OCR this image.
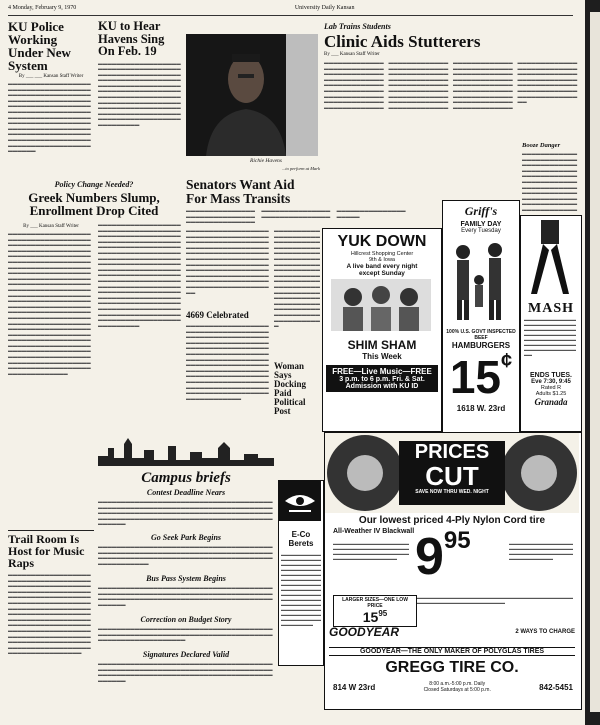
4 Monday, February 9, 1970	University Daily Kansan
KU Police Working Under New System
By ___ ___ Kansan Staff Writer
▬▬▬▬▬▬▬▬▬▬▬▬▬▬▬▬▬▬▬▬▬▬▬▬▬▬▬▬▬▬▬▬▬▬▬▬▬▬▬▬▬▬▬▬▬▬▬▬▬▬▬▬▬▬▬▬▬▬▬▬▬▬▬▬▬▬▬▬▬▬▬▬▬▬▬▬▬▬▬▬▬▬▬▬▬▬▬▬▬▬▬▬▬▬▬▬▬▬▬▬▬▬▬▬▬▬▬▬▬▬▬▬▬▬▬▬▬▬▬▬▬▬▬▬▬▬▬▬▬▬▬▬▬▬▬▬▬▬▬▬▬▬▬▬▬▬▬▬▬▬▬▬▬▬▬▬▬▬▬▬▬▬▬▬▬▬▬▬▬▬▬▬▬▬▬▬▬▬▬▬▬▬▬▬▬▬▬▬▬▬▬▬▬▬▬▬▬▬▬▬▬▬▬▬▬▬▬▬▬▬▬▬▬▬▬▬▬▬▬▬▬▬
Policy Change Needed?
Greek Numbers Slump, Enrollment Drop Cited
By ___ Kansan Staff Writer
▬▬▬▬▬▬▬▬▬▬▬▬▬▬▬▬▬▬▬▬▬▬▬▬▬▬▬▬▬▬▬▬▬▬▬▬▬▬▬▬▬▬▬▬▬▬▬▬▬▬▬▬▬▬▬▬▬▬▬▬▬▬▬▬▬▬▬▬▬▬▬▬▬▬▬▬▬▬▬▬▬▬▬▬▬▬▬▬▬▬▬▬▬▬▬▬▬▬▬▬▬▬▬▬▬▬▬▬▬▬▬▬▬▬▬▬▬▬▬▬▬▬▬▬▬▬▬▬▬▬▬▬▬▬▬▬▬▬▬▬▬▬▬▬▬▬▬▬▬▬▬▬▬▬▬▬▬▬▬▬▬▬▬▬▬▬▬▬▬▬▬▬▬▬▬▬▬▬▬▬▬▬▬▬▬▬▬▬▬▬▬▬▬▬▬▬▬▬▬▬▬▬▬▬▬▬▬▬▬▬▬▬▬▬▬▬▬▬▬▬▬▬▬▬▬▬▬▬▬▬▬▬▬▬▬▬▬▬▬▬▬▬▬▬▬▬▬▬▬▬▬▬▬▬▬▬▬▬▬▬▬▬▬▬▬▬▬▬▬▬▬▬▬▬▬▬▬▬▬▬▬▬▬▬▬▬▬▬▬▬▬▬▬▬▬▬▬▬▬▬▬▬▬▬▬▬▬▬▬▬▬▬▬▬▬▬▬▬▬▬▬▬▬▬▬▬▬▬▬▬▬▬▬▬▬▬▬▬▬▬▬▬▬▬▬▬▬▬▬▬▬▬▬▬▬▬▬▬▬▬▬▬▬▬▬▬▬▬▬▬▬▬▬▬▬▬▬▬▬▬▬▬▬▬▬▬▬▬▬▬▬▬▬▬▬▬▬▬▬▬▬▬▬▬▬▬▬▬▬▬▬▬▬▬▬▬▬▬▬▬▬▬▬▬▬▬▬▬▬▬▬▬▬▬▬▬▬▬▬▬▬▬▬▬▬▬▬▬▬▬▬▬▬▬▬▬▬▬▬▬▬▬▬
Trail Room Is Host for Music Raps
▬▬▬▬▬▬▬▬▬▬▬▬▬▬▬▬▬▬▬▬▬▬▬▬▬▬▬▬▬▬▬▬▬▬▬▬▬▬▬▬▬▬▬▬▬▬▬▬▬▬▬▬▬▬▬▬▬▬▬▬▬▬▬▬▬▬▬▬▬▬▬▬▬▬▬▬▬▬▬▬▬▬▬▬▬▬▬▬▬▬▬▬▬▬▬▬▬▬▬▬▬▬▬▬▬▬▬▬▬▬▬▬▬▬▬▬▬▬▬▬▬▬▬▬▬▬▬▬▬▬▬▬▬▬▬▬▬▬▬▬▬▬▬▬▬▬▬▬▬▬▬▬▬▬▬▬▬▬▬▬▬▬▬▬▬▬▬▬▬▬▬▬▬▬▬▬▬▬▬▬▬▬▬▬▬▬▬▬▬▬▬▬▬▬▬▬▬▬▬▬▬▬▬▬▬▬▬▬▬▬▬▬▬▬▬▬▬▬▬▬▬▬▬▬▬▬▬▬▬▬▬▬▬▬▬▬▬▬▬▬▬▬▬▬▬▬▬▬▬▬▬▬▬▬▬▬▬▬▬▬▬▬▬▬▬▬▬▬
KU to Hear Havens Sing On Feb. 19
▬▬▬▬▬▬▬▬▬▬▬▬▬▬▬▬▬▬▬▬▬▬▬▬▬▬▬▬▬▬▬▬▬▬▬▬▬▬▬▬▬▬▬▬▬▬▬▬▬▬▬▬▬▬▬▬▬▬▬▬▬▬▬▬▬▬▬▬▬▬▬▬▬▬▬▬▬▬▬▬▬▬▬▬▬▬▬▬▬▬▬▬▬▬▬▬▬▬▬▬▬▬▬▬▬▬▬▬▬▬▬▬▬▬▬▬▬▬▬▬▬▬▬▬▬▬▬▬▬▬▬▬▬▬▬▬▬▬▬▬▬▬▬▬▬▬▬▬▬▬▬▬▬▬▬▬▬▬▬▬▬▬▬▬▬▬▬▬▬▬▬▬▬▬▬▬▬▬▬▬▬▬▬▬▬▬▬▬▬▬▬▬▬▬▬▬▬▬▬▬▬▬▬▬▬▬▬
▬▬▬▬▬▬▬▬▬▬▬▬▬▬▬▬▬▬▬▬▬▬▬▬▬▬▬▬▬▬▬▬▬▬▬▬▬▬▬▬▬▬▬▬▬▬▬▬▬▬▬▬▬▬▬▬▬▬▬▬▬▬▬▬▬▬▬▬▬▬▬▬▬▬▬▬▬▬▬▬▬▬▬▬▬▬▬▬▬▬▬▬▬▬▬▬▬▬▬▬▬▬▬▬▬▬▬▬▬▬▬▬▬▬▬▬▬▬▬▬▬▬▬▬▬▬▬▬▬▬▬▬▬▬▬▬▬▬▬▬▬▬▬▬▬▬▬▬▬▬▬▬▬▬▬▬▬▬▬▬▬▬▬▬▬▬▬▬▬▬▬▬▬▬▬▬▬▬▬▬▬▬▬▬▬▬▬▬▬▬▬▬▬▬▬▬▬▬▬▬▬▬▬▬▬▬▬▬▬▬▬▬▬▬▬▬▬▬▬▬▬▬▬▬▬▬▬▬▬▬▬▬▬▬▬▬▬▬▬▬▬▬▬▬▬▬▬▬▬▬▬▬▬▬▬▬▬▬▬▬▬▬▬▬▬▬▬▬▬▬▬▬▬▬▬▬▬▬▬▬▬▬▬▬▬▬▬▬▬▬▬▬▬▬▬▬▬▬▬▬▬▬▬▬▬▬▬▬▬▬▬▬▬▬▬▬▬▬▬▬▬▬▬▬▬▬▬▬▬▬▬▬▬
Richie Havens
...to perform at Mark
Lab Trains Students
Clinic Aids Stutterers
By ___ Kansan Staff Writer
▬▬▬▬▬▬▬▬▬▬▬▬▬▬▬▬▬▬▬▬▬▬▬▬▬▬▬▬▬▬▬▬▬▬▬▬▬▬▬▬▬▬▬▬▬▬▬▬▬▬▬▬▬▬▬▬▬▬▬▬▬▬▬▬▬▬▬▬▬▬▬▬▬▬▬▬▬▬▬▬▬▬▬▬▬▬▬▬▬▬▬▬▬▬▬▬▬▬▬▬▬▬▬▬▬▬▬▬▬▬▬▬▬▬▬▬▬▬▬▬▬▬▬▬▬▬▬▬▬▬▬▬▬▬▬▬▬▬▬▬▬▬▬▬▬▬▬▬▬▬▬▬▬▬▬▬▬▬▬▬▬▬▬▬▬▬▬▬▬▬▬▬▬▬▬▬▬▬▬▬▬▬▬▬▬▬▬▬▬▬▬▬▬▬▬▬▬▬▬▬▬▬▬▬▬▬▬▬▬▬▬▬▬▬▬▬▬▬▬▬▬▬▬▬▬▬▬▬▬▬▬▬▬▬▬▬▬▬▬▬▬▬▬▬▬▬▬▬▬▬▬▬▬▬▬▬▬▬▬▬▬▬▬▬▬▬▬▬▬▬▬▬▬▬▬▬▬▬▬▬▬▬▬▬▬▬▬▬▬▬▬▬▬▬▬▬▬▬▬▬▬▬▬▬▬▬▬▬▬▬▬▬▬▬▬▬▬▬▬▬▬▬▬▬▬▬▬▬▬▬▬▬▬▬▬▬▬▬▬▬▬▬▬▬▬▬▬▬▬▬▬▬▬▬▬▬▬▬▬▬▬▬▬▬▬▬▬▬▬▬▬▬▬▬▬▬▬▬▬▬▬▬▬▬▬▬▬▬▬▬▬▬▬▬▬▬▬▬▬▬▬▬▬▬▬▬▬▬▬▬▬▬▬▬▬▬▬▬▬▬▬▬▬▬▬▬▬▬▬▬▬▬▬▬▬▬▬▬▬▬▬▬▬▬
Booze Danger
▬▬▬▬▬▬▬▬▬▬▬▬▬▬▬▬▬▬▬▬▬▬▬▬▬▬▬▬▬▬▬▬▬▬▬▬▬▬▬▬▬▬▬▬▬▬▬▬▬▬▬▬▬▬▬▬▬▬▬▬▬▬▬▬▬▬▬▬▬▬▬▬▬▬▬▬▬▬▬▬▬▬▬▬▬▬▬▬▬▬▬▬▬▬▬▬▬▬▬▬▬▬▬▬▬▬▬▬▬▬▬▬▬▬▬▬▬▬▬▬▬▬▬▬▬▬▬▬▬▬▬▬
Senators Want Aid For Mass Transits
▬▬▬▬▬▬▬▬▬▬▬▬▬▬▬▬▬▬▬▬▬▬▬▬▬▬▬▬▬▬▬▬▬▬▬▬▬▬▬▬▬▬▬▬▬▬▬▬▬▬▬▬▬▬▬▬▬▬▬▬▬▬▬▬▬▬▬▬▬▬▬▬▬▬▬▬▬▬▬▬▬▬▬▬▬▬▬▬▬▬▬▬▬▬▬
▬▬▬▬▬▬▬▬▬▬▬▬▬▬▬▬▬▬▬▬▬▬▬▬▬▬▬▬▬▬▬▬▬▬▬▬▬▬▬▬▬▬▬▬▬▬▬▬▬▬▬▬▬▬▬▬▬▬▬▬▬▬▬▬▬▬▬▬▬▬▬▬▬▬▬▬▬▬▬▬▬▬▬▬▬▬▬▬▬▬▬▬▬▬▬▬▬▬▬▬▬▬▬▬▬▬▬▬▬▬▬▬▬▬▬▬▬▬▬▬▬▬▬▬▬▬▬▬▬▬▬▬▬▬▬▬▬▬▬▬▬▬▬▬▬▬▬▬▬▬▬▬▬▬▬▬▬▬▬▬▬▬▬▬▬▬▬▬▬▬▬▬▬▬▬▬▬▬▬▬▬▬▬▬▬▬▬▬▬▬▬▬▬▬▬▬▬▬▬▬
4669 Celebrated
▬▬▬▬▬▬▬▬▬▬▬▬▬▬▬▬▬▬▬▬▬▬▬▬▬▬▬▬▬▬▬▬▬▬▬▬▬▬▬▬▬▬▬▬▬▬▬▬▬▬▬▬▬▬▬▬▬▬▬▬▬▬▬▬▬▬▬▬▬▬▬▬▬▬▬▬▬▬▬▬▬▬▬▬▬▬▬▬▬▬▬▬▬▬▬▬▬▬▬▬▬▬▬▬▬▬▬▬▬▬▬▬▬▬▬▬▬▬▬▬▬▬▬▬▬▬▬▬▬▬▬▬▬▬▬▬▬▬▬▬▬▬▬▬▬▬▬▬▬▬▬▬▬▬▬▬▬▬▬▬▬▬▬▬▬▬▬▬▬▬▬▬▬▬▬▬▬▬▬▬▬▬▬▬▬▬▬▬▬▬▬▬▬▬▬▬▬▬▬▬▬▬▬▬▬▬▬▬▬▬▬▬▬▬▬▬▬▬▬▬▬▬▬▬▬▬▬▬▬▬▬▬▬▬▬▬▬▬▬▬▬▬▬▬▬▬
▬▬▬▬▬▬▬▬▬▬▬▬▬▬▬▬▬▬▬▬▬▬▬▬▬▬▬▬▬▬▬▬▬▬▬▬▬▬▬▬▬▬▬▬▬▬▬▬▬▬▬▬▬▬▬▬▬▬▬▬▬▬▬▬▬▬▬▬▬▬▬▬▬▬▬▬▬▬▬▬▬▬▬▬▬▬▬▬▬▬▬▬▬▬▬▬▬▬▬▬▬▬▬▬▬▬▬▬▬▬▬▬▬▬▬▬▬▬▬▬▬▬▬▬▬▬▬▬▬▬▬▬▬▬▬▬▬▬▬▬▬▬▬▬▬▬▬▬▬▬▬▬▬▬▬▬▬▬▬▬▬▬▬▬▬▬▬▬▬▬▬
Woman Says Docking Paid Political Post

YUK DOWN

Hillcrest Shopping Center

9th & Iowa

A live band every night

except Sunday

SHIM SHAM

This Week

FREE—Live Music—FREE

3 p.m. to 6 p.m. Fri. & Sat.

Admission with KU ID

Griff's

FAMILY DAY

Every Tuesday

100% U.S. GOVT INSPECTED BEEF

HAMBURGERS

15¢

1618 W. 23rd

MASH

▬▬▬▬▬▬▬▬▬▬▬▬▬▬▬▬▬▬▬▬▬▬▬▬▬▬▬▬▬▬▬▬▬▬▬▬▬▬▬▬▬▬▬▬▬▬▬▬▬▬▬▬▬▬▬▬▬▬▬▬▬▬▬▬▬▬▬▬▬▬▬▬▬▬▬▬▬▬▬▬▬▬▬▬▬▬▬▬▬▬▬▬▬

ENDS TUES.

Eve 7:30, 9:45

Rated R

Adults $1.25

Granada

Campus briefs
Contest Deadline Nears
▬▬▬▬▬▬▬▬▬▬▬▬▬▬▬▬▬▬▬▬▬▬▬▬▬▬▬▬▬▬▬▬▬▬▬▬▬▬▬▬▬▬▬▬▬▬▬▬▬▬▬▬▬▬▬▬▬▬▬▬▬▬▬▬▬▬▬▬▬▬▬▬▬▬▬▬▬▬▬▬▬▬▬▬▬▬▬▬▬▬▬▬▬▬▬▬▬▬▬▬▬▬▬▬▬▬▬▬▬▬▬▬▬▬▬▬▬▬▬▬▬▬▬▬▬▬▬▬▬▬▬▬▬▬▬▬▬▬▬▬▬▬▬▬▬▬▬▬▬▬▬▬▬▬▬▬▬▬
Go Seek Park Begins
▬▬▬▬▬▬▬▬▬▬▬▬▬▬▬▬▬▬▬▬▬▬▬▬▬▬▬▬▬▬▬▬▬▬▬▬▬▬▬▬▬▬▬▬▬▬▬▬▬▬▬▬▬▬▬▬▬▬▬▬▬▬▬▬▬▬▬▬▬▬▬▬▬▬▬▬▬▬▬▬▬▬▬▬▬▬▬▬▬▬▬▬▬▬▬▬▬▬▬▬▬▬▬▬▬▬▬▬▬▬▬▬▬▬▬▬▬▬▬▬▬▬▬▬▬
Bus Pass System Begins
▬▬▬▬▬▬▬▬▬▬▬▬▬▬▬▬▬▬▬▬▬▬▬▬▬▬▬▬▬▬▬▬▬▬▬▬▬▬▬▬▬▬▬▬▬▬▬▬▬▬▬▬▬▬▬▬▬▬▬▬▬▬▬▬▬▬▬▬▬▬▬▬▬▬▬▬▬▬▬▬▬▬▬▬▬▬▬▬▬▬▬▬▬▬▬▬▬▬▬▬▬▬▬▬▬▬▬▬▬▬▬▬▬▬▬▬▬▬▬▬
Correction on Budget Story
▬▬▬▬▬▬▬▬▬▬▬▬▬▬▬▬▬▬▬▬▬▬▬▬▬▬▬▬▬▬▬▬▬▬▬▬▬▬▬▬▬▬▬▬▬▬▬▬▬▬▬▬▬▬▬▬▬▬▬▬▬▬▬▬▬▬▬▬▬▬▬▬▬▬▬▬▬▬▬▬▬▬▬▬▬▬▬▬▬▬▬▬▬▬▬
Signatures Declared Valid
▬▬▬▬▬▬▬▬▬▬▬▬▬▬▬▬▬▬▬▬▬▬▬▬▬▬▬▬▬▬▬▬▬▬▬▬▬▬▬▬▬▬▬▬▬▬▬▬▬▬▬▬▬▬▬▬▬▬▬▬▬▬▬▬▬▬▬▬▬▬▬▬▬▬▬▬▬▬▬▬▬▬▬▬▬▬▬▬▬▬▬▬▬▬▬▬▬▬▬▬▬▬▬▬▬▬▬▬▬▬▬▬▬▬▬▬▬▬▬▬

E-Co Berets

▬▬▬▬▬▬▬▬▬▬▬▬▬▬▬▬▬▬▬▬▬▬▬▬▬▬▬▬▬▬▬▬▬▬▬▬▬▬▬▬▬▬▬▬▬▬▬▬▬▬▬▬▬▬▬▬▬▬▬▬▬▬▬▬▬▬▬▬▬▬▬▬▬▬▬▬▬▬▬▬▬▬▬▬▬▬▬▬▬▬▬▬▬▬▬▬▬▬▬▬▬▬▬▬▬▬▬▬▬▬▬▬▬▬▬▬▬▬▬▬▬▬▬▬▬▬▬▬▬▬▬▬▬▬▬▬▬▬▬▬▬▬▬▬▬▬▬▬
PRICES
CUT
SAVE NOW THRU WED. NIGHT

Our lowest priced 4-Ply Nylon Cord tire

All-Weather IV Blackwall

▬▬▬▬▬▬▬▬▬▬▬▬▬▬▬▬▬▬▬▬▬▬▬▬▬▬▬▬▬▬▬▬▬▬▬▬▬▬▬▬▬▬▬▬▬▬▬▬▬▬▬▬▬▬▬▬▬▬▬▬▬▬▬▬▬▬▬▬▬▬▬▬▬ 995	▬▬▬▬▬▬▬▬▬▬▬▬▬▬▬▬▬▬▬▬▬▬▬▬▬▬▬▬▬▬▬▬▬▬▬▬▬▬▬▬▬▬▬▬▬▬▬▬▬▬▬▬▬▬▬▬▬▬▬

LARGER SIZES—ONE LOW PRICE

$15^{95}$

▬▬▬▬▬▬▬▬▬▬▬▬▬▬▬▬▬▬▬▬▬▬▬▬▬▬▬▬▬▬▬▬▬▬▬▬▬▬▬▬▬▬▬▬▬▬▬▬▬▬▬▬▬▬▬▬▬▬▬▬▬
GOODYEAR	2 WAYS TO CHARGE

GOODYEAR—THE ONLY MAKER OF POLYGLAS TIRES

GREGG TIRE CO.

814 W 23rd	8:00 a.m.-5:00 p.m. Daily
Closed Saturdays at 5:00 p.m.	842-5451
